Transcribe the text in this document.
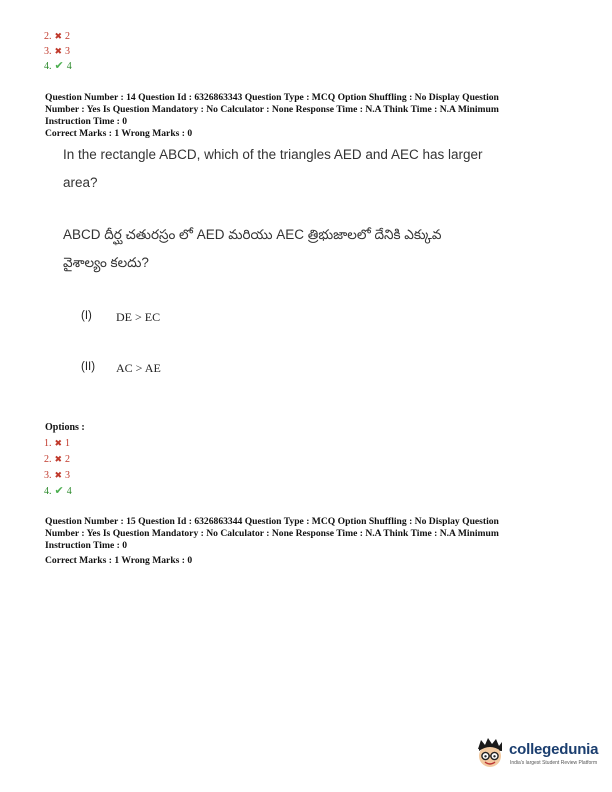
2. ✖ 2
3. ✖ 3
4. ✔ 4
Question Number : 14 Question Id : 6326863343 Question Type : MCQ Option Shuffling : No Display Question
Number : Yes Is Question Mandatory : No Calculator : None Response Time : N.A Think Time : N.A Minimum
Instruction Time : 0
Correct Marks : 1 Wrong Marks : 0
In the rectangle ABCD, which of the triangles AED and AEC has larger
area?
ABCD దీర్ఘ చతురస్రం లో AED మరియు AEC త్రిభుజాలలో దేనికి ఎక్కువ
వైశాల్యం కలదు?
(I) DE > EC
(II) AC > AE
Options :
1. ✖ 1
2. ✖ 2
3. ✖ 3
4. ✔ 4
Question Number : 15 Question Id : 6326863344 Question Type : MCQ Option Shuffling : No Display Question
Number : Yes Is Question Mandatory : No Calculator : None Response Time : N.A Think Time : N.A Minimum
Instruction Time : 0
Correct Marks : 1 Wrong Marks : 0
collegedunia
India's largest Student Review Platform
